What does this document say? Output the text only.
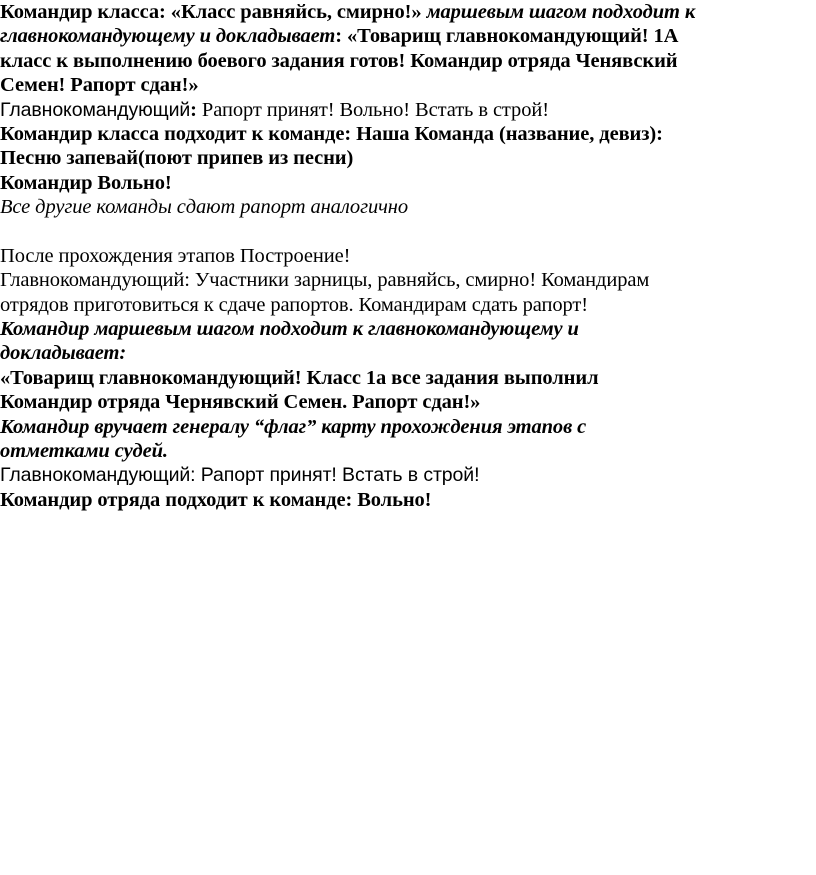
Командир класса: «Класс равняйсь, смирно!» маршевым шагом подходит к
главнокомандующему и докладывает: «Товарищ главнокомандующий! 1А
класс к выполнению боевого задания готов! Командир отряда Ченявский
Семен! Рапорт сдан!»
Главнокомандующий: Рапорт принят! Вольно! Встать в строй!
Командир класса подходит к команде: Наша Команда (название, девиз):
Песню запевай(поют припев из песни)
Командир Вольно!
Все другие команды сдают рапорт аналогично
После прохождения этапов Построение!
Главнокомандующий: Участники зарницы, равняйсь, смирно! Командирам
отрядов приготовиться к сдаче рапортов. Командирам сдать рапорт!
Командир маршевым шагом подходит к главнокомандующему и
докладывает:
«Товарищ главнокомандующий! Класс 1а все задания выполнил
Командир отряда Чернявский Семен. Рапорт сдан!»
Командир вручает генералу “флаг” карту прохождения этапов с
отметками судей.
Главнокомандующий: Рапорт принят! Встать в строй!
Командир отряда подходит к команде: Вольно!
